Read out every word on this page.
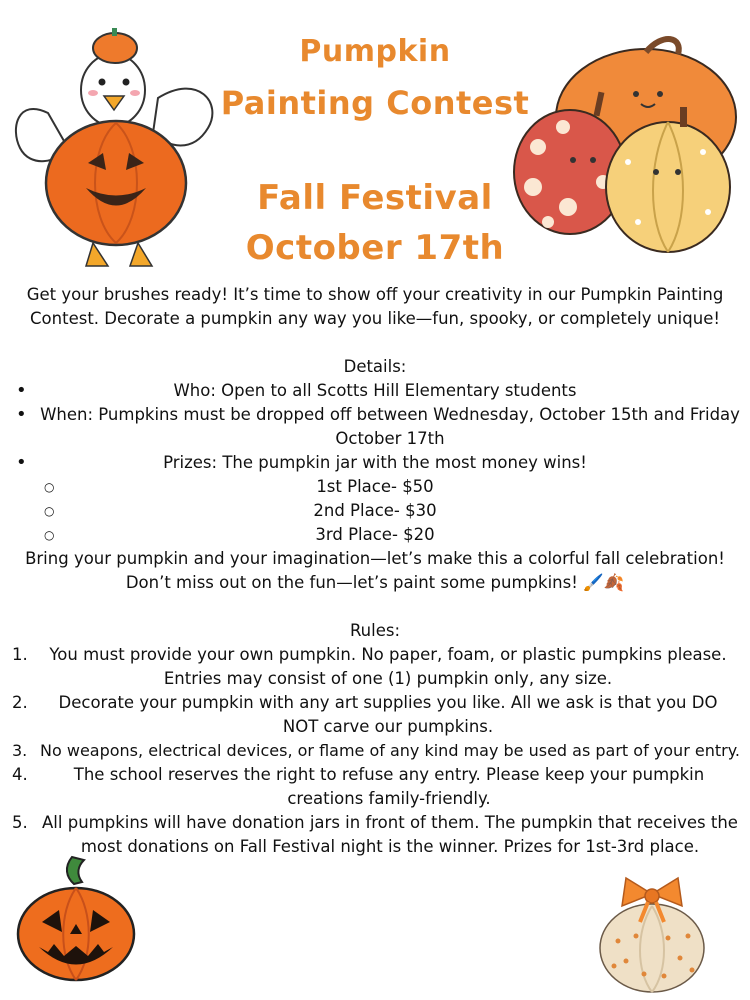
Pumpkin
Painting Contest
Fall Festival
October 17th
Get your brushes ready! It’s time to show off your creativity in our Pumpkin Painting Contest. Decorate a pumpkin any way you like—fun, spooky, or completely unique!
Details:
•	Who: Open to all Scotts Hill Elementary students
• When: Pumpkins must be dropped off between Wednesday, October 15th and Friday October 17th
•	Prizes: The pumpkin jar with the most money wins!
○	1st Place- $50
○	2nd Place- $30
○	3rd Place- $20
Bring your pumpkin and your imagination—let’s make this a colorful fall celebration!
Don’t miss out on the fun—let’s paint some pumpkins! 🖌️🍂
Rules:
1. You must provide your own pumpkin. No paper, foam, or plastic pumpkins please. Entries may consist of one (1) pumpkin only, any size.
2. Decorate your pumpkin with any art supplies you like. All we ask is that you DO NOT carve our pumpkins.
3. No weapons, electrical devices, or flame of any kind may be used as part of your entry.
4.	The school reserves the right to refuse any entry. Please keep your pumpkin creations family-friendly.
5. All pumpkins will have donation jars in front of them. The pumpkin that receives the most donations on Fall Festival night is the winner. Prizes for 1st-3rd place.
